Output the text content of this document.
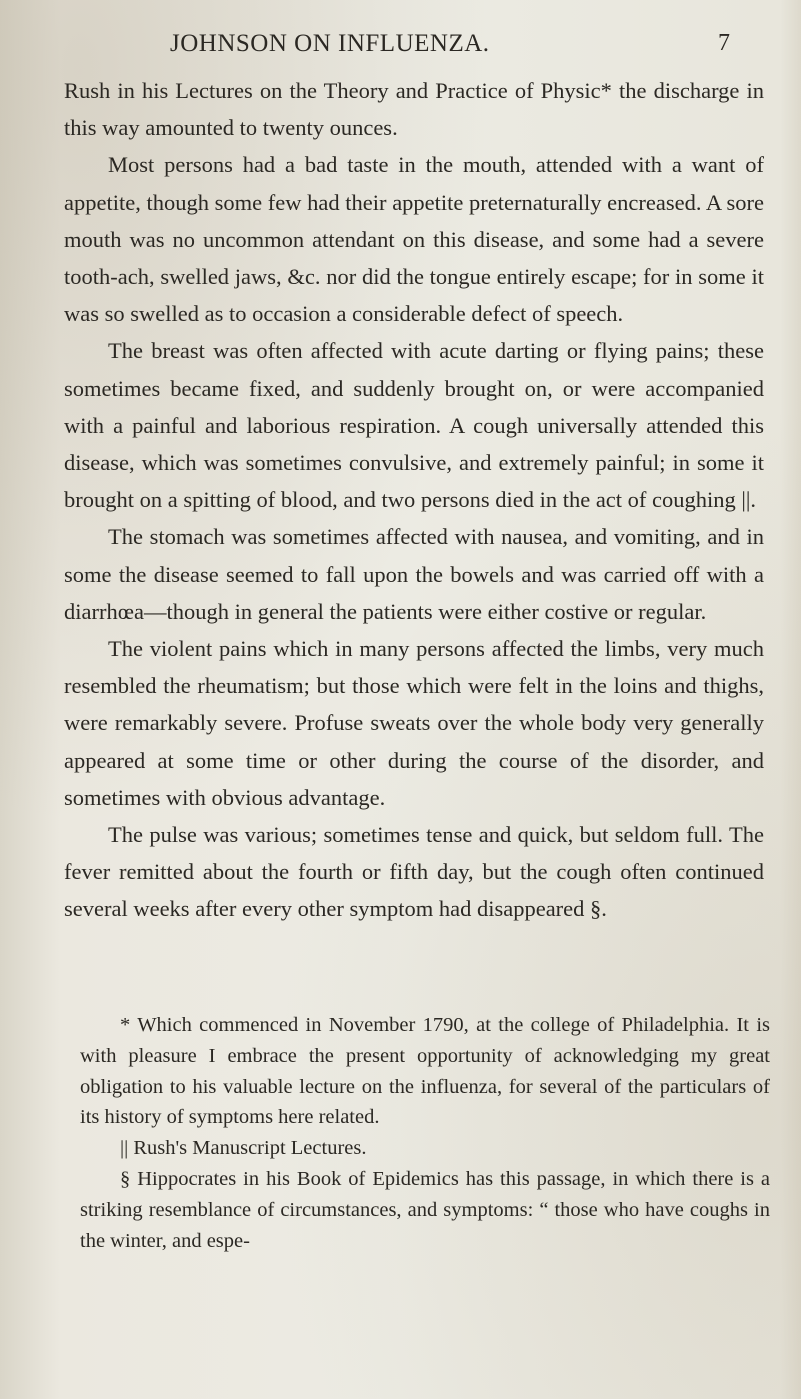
JOHNSON ON INFLUENZA.	7

Rush in his Lectures on the Theory and Practice of Physic* the discharge in this way amounted to twenty ounces.

Most persons had a bad taste in the mouth, attended with a want of appetite, though some few had their appetite preternaturally encreased. A sore mouth was no uncommon attendant on this disease, and some had a severe tooth-ach, swelled jaws, &c. nor did the tongue entirely escape; for in some it was so swelled as to occasion a considerable defect of speech.

The breast was often affected with acute darting or flying pains; these sometimes became fixed, and suddenly brought on, or were accompanied with a painful and laborious respiration. A cough universally attended this disease, which was sometimes convulsive, and extremely painful; in some it brought on a spitting of blood, and two persons died in the act of coughing ||.

The stomach was sometimes affected with nausea, and vomiting, and in some the disease seemed to fall upon the bowels and was carried off with a diarrhœa—though in general the patients were either costive or regular.

The violent pains which in many persons affected the limbs, very much resembled the rheumatism; but those which were felt in the loins and thighs, were remarkably severe. Profuse sweats over the whole body very generally appeared at some time or other during the course of the disorder, and sometimes with obvious advantage.

The pulse was various; sometimes tense and quick, but seldom full. The fever remitted about the fourth or fifth day, but the cough often continued several weeks after every other symptom had disappeared §.

* Which commenced in November 1790, at the college of Philadelphia. It is with pleasure I embrace the present opportunity of acknowledging my great obligation to his valuable lecture on the influenza, for several of the particulars of its history of symptoms here related.

|| Rush's Manuscript Lectures.

§ Hippocrates in his Book of Epidemics has this passage, in which there is a striking resemblance of circumstances, and symptoms: “ those who have coughs in the winter, and espe-
